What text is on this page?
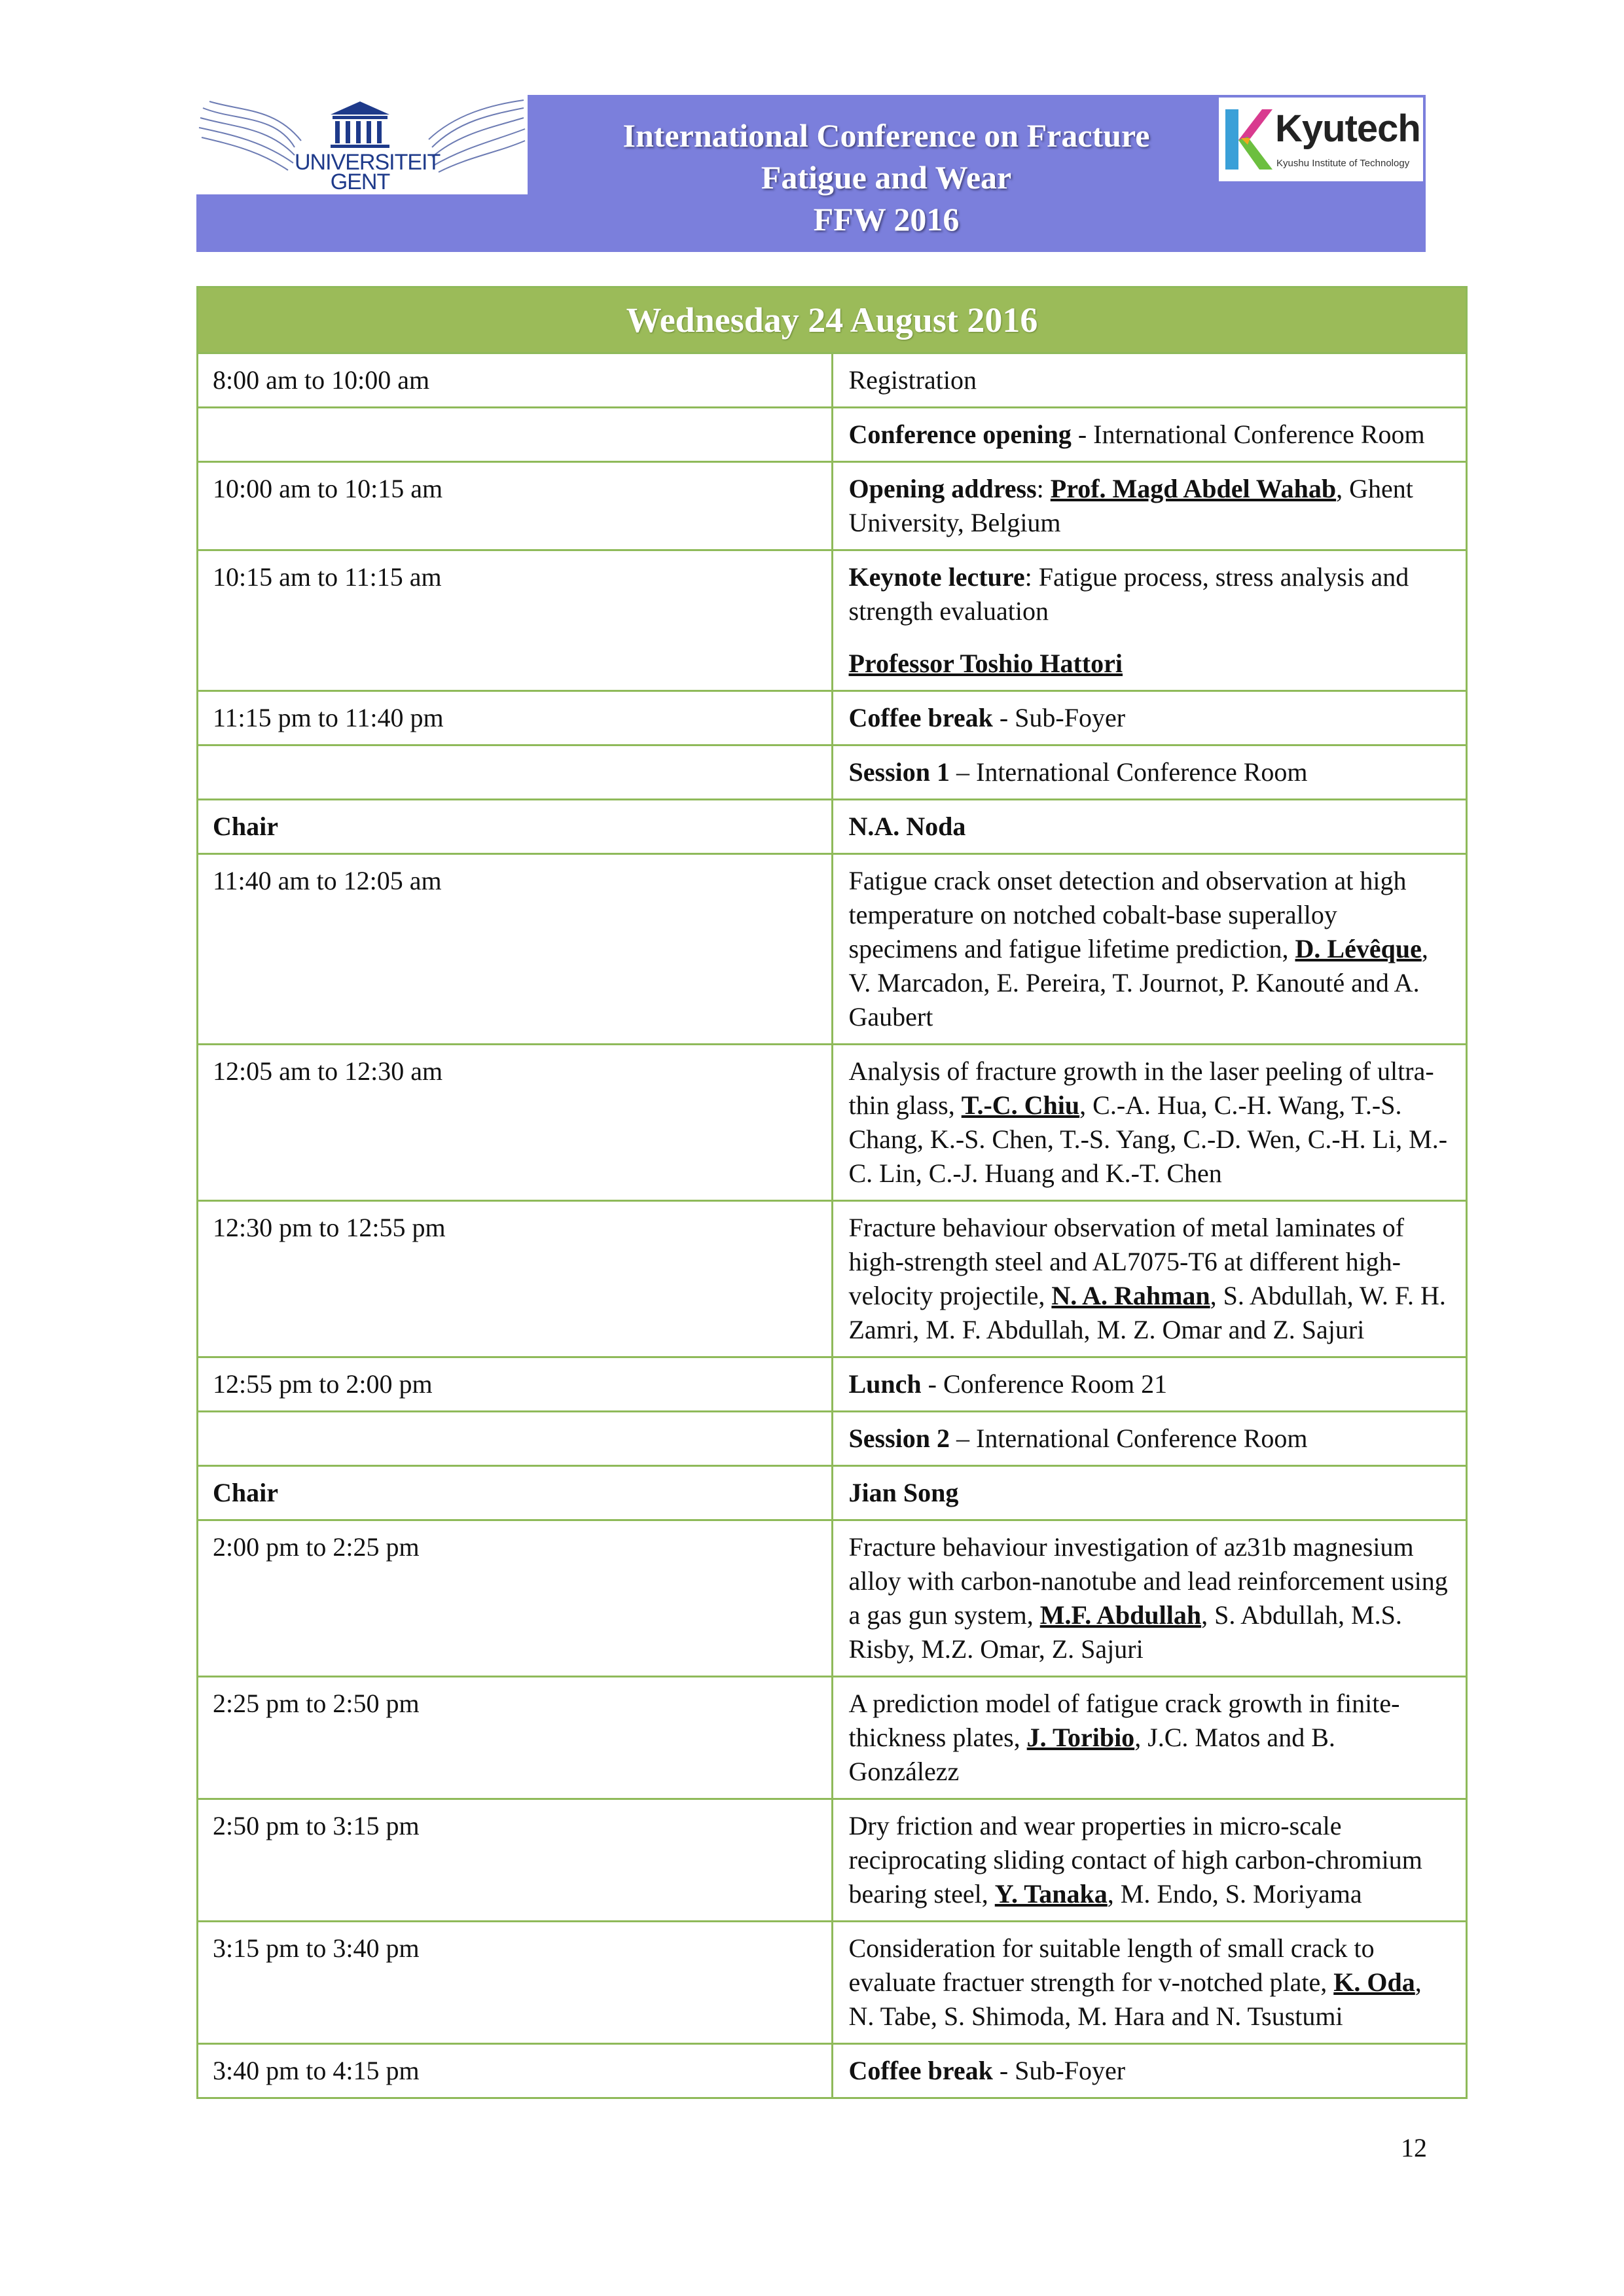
UNIVERSITEIT GENT
International Conference on Fracture
Fatigue and Wear
FFW 2016
Kyutech
Kyushu Institute of Technology
Wednesday 24 August 2016	
8:00 am to 10:00 am	Registration
	Conference opening - International Conference Room
10:00 am to 10:15 am	Opening address: Prof. Magd Abdel Wahab, Ghent University, Belgium
10:15 am to 11:15 am	Keynote lecture: Fatigue process, stress analysis and strength evaluation
Professor Toshio Hattori

11:15 pm to 11:40 pm	Coffee break - Sub-Foyer
	Session 1 – International Conference Room
Chair	N.A. Noda
11:40 am to 12:05 am	Fatigue crack onset detection and observation at high temperature on notched cobalt-base superalloy specimens and fatigue lifetime prediction, D. Lévêque, V. Marcadon, E. Pereira, T. Journot, P. Kanouté and A. Gaubert
12:05 am to 12:30 am	Analysis of fracture growth in the laser peeling of ultra-thin glass, T.-C. Chiu, C.-A. Hua, C.-H. Wang, T.-S. Chang, K.-S. Chen, T.-S. Yang, C.-D. Wen, C.-H. Li, M.-C. Lin, C.-J. Huang and K.-T. Chen
12:30 pm to 12:55 pm	Fracture behaviour observation of metal laminates of high-strength steel and AL7075-T6 at different high-velocity projectile, N. A. Rahman, S. Abdullah, W. F. H. Zamri, M. F. Abdullah, M. Z. Omar and Z. Sajuri
12:55 pm to 2:00 pm	Lunch - Conference Room 21
	Session 2 – International Conference Room
Chair	Jian Song
2:00 pm to 2:25 pm	Fracture behaviour investigation of az31b magnesium alloy with carbon-nanotube and lead reinforcement using a gas gun system, M.F. Abdullah, S. Abdullah, M.S. Risby, M.Z. Omar, Z. Sajuri
2:25 pm to 2:50 pm	A prediction model of fatigue crack growth in finite-thickness plates, J. Toribio, J.C. Matos and B. Gonzálezz
2:50 pm to 3:15 pm	Dry friction and wear properties in micro-scale reciprocating sliding contact of high carbon-chromium bearing steel, Y. Tanaka, M. Endo, S. Moriyama
3:15 pm to 3:40 pm	Consideration for suitable length of small crack to evaluate fractuer strength for v-notched plate, K. Oda, N. Tabe, S. Shimoda, M. Hara and N. Tsustumi
3:40 pm to 4:15 pm	Coffee break - Sub-Foyer
12
